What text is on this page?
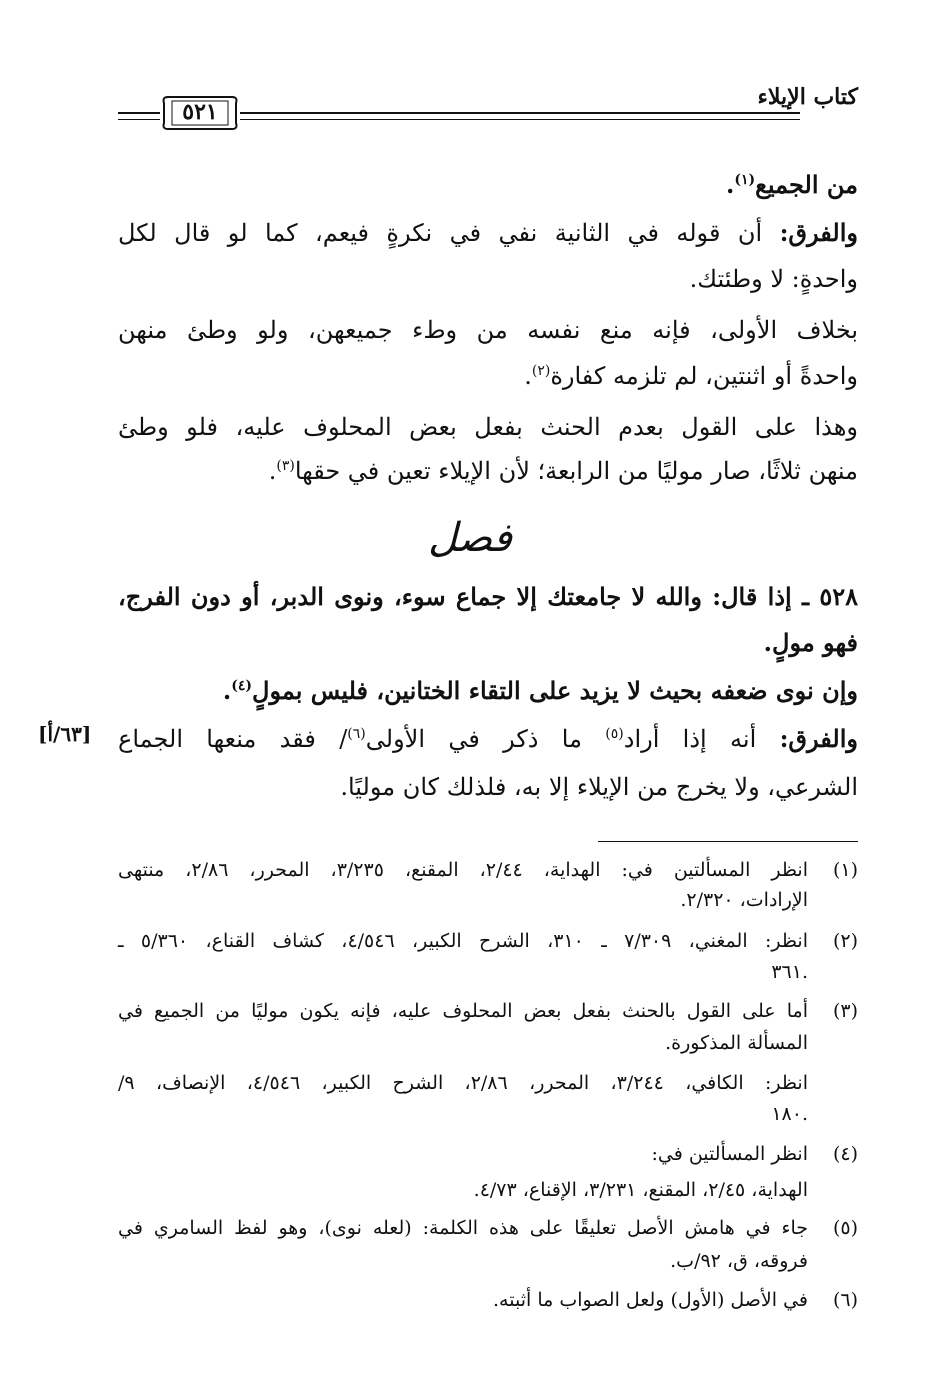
كتاب الإيلاء
٥٢١
من الجميع$^{(١)}$.
والفرق: أن قوله في الثانية نفي في نكرةٍ فيعم، كما لو قال لكل
واحدةٍ: لا وطئتك.
بخلاف الأولى، فإنه منع نفسه من وطء جميعهن، ولو وطئ منهن
واحدةً أو اثنتين، لم تلزمه كفارة$^{(٢)}$.
وهذا على القول بعدم الحنث بفعل بعض المحلوف عليه، فلو وطئ
منهن ثلاثًا، صار موليًا من الرابعة؛ لأن الإيلاء تعين في حقها$^{(٣)}$.
فصل
٥٢٨ ـ إذا قال: والله لا جامعتك إلا جماع سوء، ونوى الدبر، أو دون الفرج،
فهو مولٍ.
وإن نوى ضعفه بحيث لا يزيد على التقاء الختانين، فليس بمولٍ$^{(٤)}$.
[٦٣/أ]	والفرق: أنه إذا أراد$^{(٥)}$ ما ذكر في الأولى$^{(٦)}$/ فقد منعها الجماع
الشرعي، ولا يخرج من الإيلاء إلا به، فلذلك كان موليًا.
(١)
انظر المسألتين في: الهداية، ٢/٤٤، المقنع، ٣/٢٣٥، المحرر، ٢/٨٦، منتهى
الإرادات، ٢/٣٢٠.
(٢)
انظر: المغني، ٧/٣٠٩ ـ ٣١٠، الشرح الكبير، ٤/٥٤٦، كشاف القناع، ٥/٣٦٠ ـ
٣٦١.
(٣)
أما على القول بالحنث بفعل بعض المحلوف عليه، فإنه يكون موليًا من الجميع في
المسألة المذكورة.
انظر: الكافي، ٣/٢٤٤، المحرر، ٢/٨٦، الشرح الكبير، ٤/٥٤٦، الإنصاف، ٩/
١٨٠.
(٤)
انظر المسألتين في:
الهداية، ٢/٤٥، المقنع، ٣/٢٣١، الإقناع، ٤/٧٣.
(٥)
جاء في هامش الأصل تعليقًا على هذه الكلمة: (لعله نوى)، وهو لفظ السامري في
فروقه، ق، ٩٢/ب.
(٦)
في الأصل (الأول) ولعل الصواب ما أثبته.
